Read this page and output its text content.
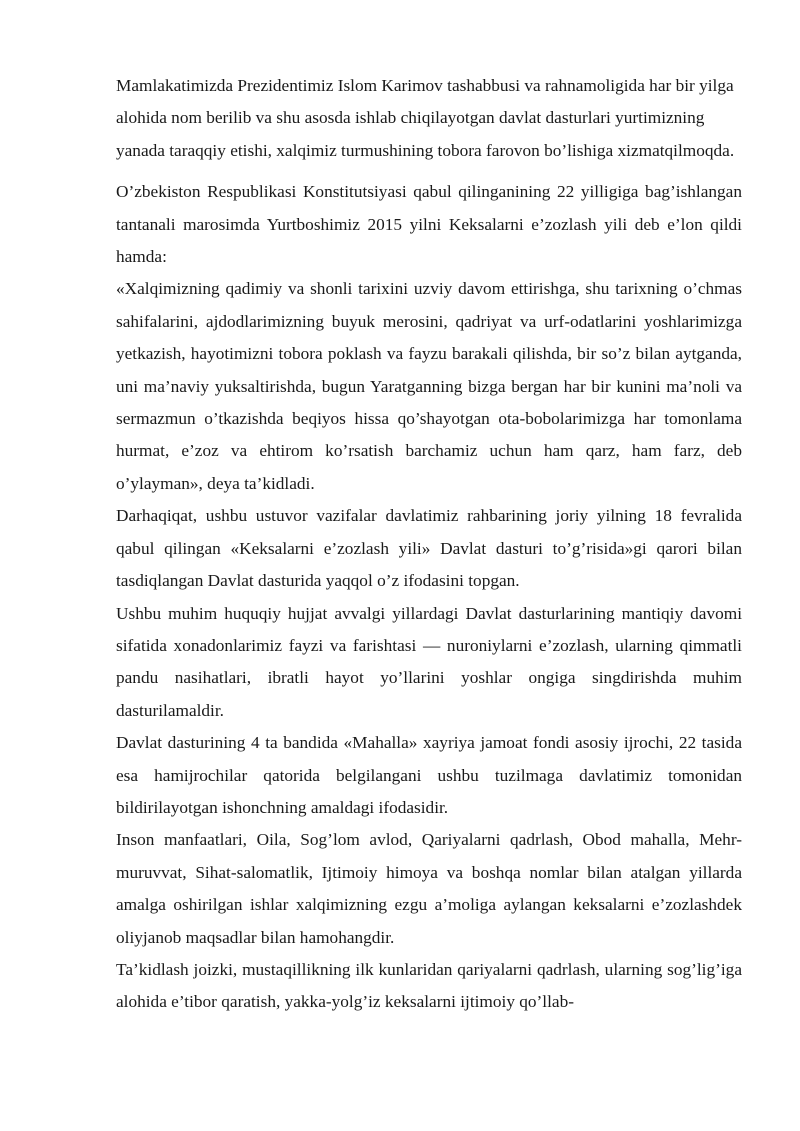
Mamlakatimizda Prezidentimiz Islom Karimov tashabbusi va rahnamoligida har bir yilga alohida nom berilib va shu asosda ishlab chiqilayotgan davlat dasturlari yurtimizning yanada taraqqiy etishi, xalqimiz turmushining tobora farovon bo’lishiga xizmatqilmoqda.

O’zbekiston Respublikasi Konstitutsiyasi qabul qilinganining 22 yilligiga bag’ishlangan tantanali marosimda Yurtboshimiz 2015 yilni Keksalarni e’zozlash yili deb e’lon qildi hamda:

«Xalqimizning qadimiy va shonli tarixini uzviy davom ettirishga, shu tarixning o’chmas sahifalarini, ajdodlarimizning buyuk merosini, qadriyat va urf-odatlarini yoshlarimizga yetkazish, hayotimizni tobora poklash va fayzu barakali qilishda, bir so’z bilan aytganda, uni ma’naviy yuksaltirishda, bugun Yaratganning bizga bergan har bir kunini ma’noli va sermazmun o’tkazishda beqiyos hissa qo’shayotgan ota-bobolarimizga har tomonlama hurmat, e’zoz va ehtirom ko’rsatish barchamiz uchun ham qarz, ham farz, deb o’ylayman», deya ta’kidladi.

Darhaqiqat, ushbu ustuvor vazifalar davlatimiz rahbarining joriy yilning 18 fevralida qabul qilingan «Keksalarni e’zozlash yili» Davlat dasturi to’g’risida»gi qarori bilan tasdiqlangan Davlat dasturida yaqqol o’z ifodasini topgan.

Ushbu muhim huquqiy hujjat avvalgi yillardagi Davlat dasturlarining mantiqiy davomi sifatida xonadonlarimiz fayzi va farishtasi — nuroniylarni e’zozlash, ularning qimmatli pandu nasihatlari, ibratli hayot yo’llarini yoshlar ongiga singdirishda muhim dasturilamaldir.

Davlat dasturining 4 ta bandida «Mahalla» xayriya jamoat fondi asosiy ijrochi, 22 tasida esa hamijrochilar qatorida belgilangani ushbu tuzilmaga davlatimiz tomonidan bildirilayotgan ishonchning amaldagi ifodasidir.

Inson manfaatlari, Oila, Sog’lom avlod, Qariyalarni qadrlash, Obod mahalla, Mehr-muruvvat, Sihat-salomatlik, Ijtimoiy himoya va boshqa nomlar bilan atalgan yillarda amalga oshirilgan ishlar xalqimizning ezgu a’moliga aylangan keksalarni e’zozlashdek oliyjanob maqsadlar bilan hamohangdir.

Ta’kidlash joizki, mustaqillikning ilk kunlaridan qariyalarni qadrlash, ularning sog’lig’iga alohida e’tibor qaratish, yakka-yolg’iz keksalarni ijtimoiy qo’llab-
